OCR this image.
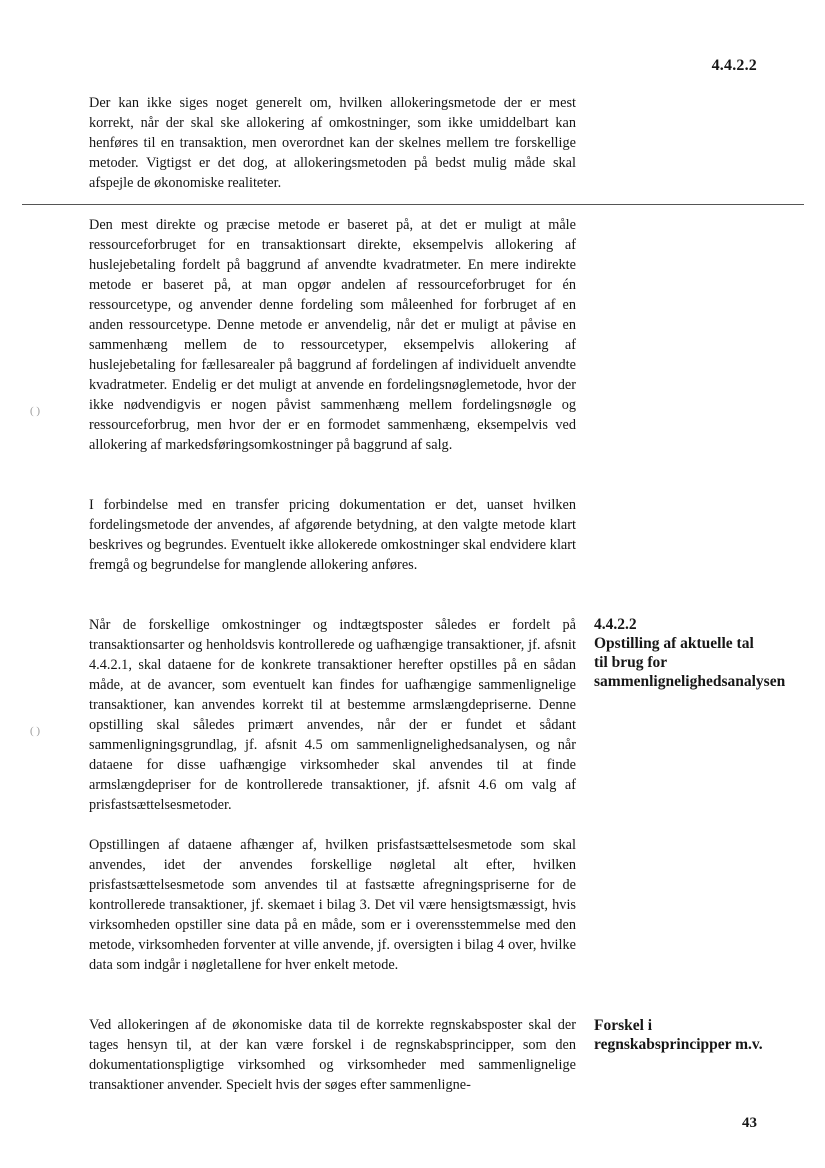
4.4.2.2

Der kan ikke siges noget generelt om, hvilken allokeringsmetode der er mest korrekt, når der skal ske allokering af omkostninger, som ikke umiddelbart kan henføres til en transaktion, men overordnet kan der skelnes mellem tre forskellige metoder. Vigtigst er det dog, at allokeringsmetoden på bedst mulig måde skal afspejle de økonomiske realiteter.

Den mest direkte og præcise metode er baseret på, at det er muligt at måle ressourceforbruget for en transaktionsart direkte, eksempelvis allokering af huslejebetaling fordelt på baggrund af anvendte kvadratmeter. En mere indirekte metode er baseret på, at man opgør andelen af ressourceforbruget for én ressourcetype, og anvender denne fordeling som måleenhed for forbruget af en anden ressourcetype. Denne metode er anvendelig, når det er muligt at påvise en sammenhæng mellem de to ressourcetyper, eksempelvis allokering af huslejebetaling for fællesarealer på baggrund af fordelingen af individuelt anvendte kvadratmeter. Endelig er det muligt at anvende en fordelingsnøglemetode, hvor der ikke nødvendigvis er nogen påvist sammenhæng mellem fordelingsnøgle og ressourceforbrug, men hvor der er en formodet sammenhæng, eksempelvis ved allokering af markedsføringsomkostninger på baggrund af salg.

I forbindelse med en transfer pricing dokumentation er det, uanset hvilken fordelingsmetode der anvendes, af afgørende betydning, at den valgte metode klart beskrives og begrundes. Eventuelt ikke allokerede omkostninger skal endvidere klart fremgå og begrundelse for manglende allokering anføres.

Når de forskellige omkostninger og indtægtsposter således er fordelt på transaktionsarter og henholdsvis kontrollerede og uafhængige transaktioner, jf. afsnit 4.4.2.1, skal dataene for de konkrete transaktioner herefter opstilles på en sådan måde, at de avancer, som eventuelt kan findes for uafhængige sammenlignelige transaktioner, kan anvendes korrekt til at bestemme armslængdepriserne. Denne opstilling skal således primært anvendes, når der er fundet et sådant sammenligningsgrundlag, jf. afsnit 4.5 om sammenlignelighedsanalysen, og når dataene for disse uafhængige virksomheder skal anvendes til at finde armslængdepriser for de kontrollerede transaktioner, jf. afsnit 4.6 om valg af prisfastsættelsesmetoder.

Opstillingen af dataene afhænger af, hvilken prisfastsættelsesmetode som skal anvendes, idet der anvendes forskellige nøgletal alt efter, hvilken prisfastsættelsesmetode som anvendes til at fastsætte afregningspriserne for de kontrollerede transaktioner, jf. skemaet i bilag 3. Det vil være hensigtsmæssigt, hvis virksomheden opstiller sine data på en måde, som er i overensstemmelse med den metode, virksomheden forventer at ville anvende, jf. oversigten i bilag 4 over, hvilke data som indgår i nøgletallene for hver enkelt metode.

Ved allokeringen af de økonomiske data til de korrekte regnskabsposter skal der tages hensyn til, at der kan være forskel i de regnskabsprincipper, som den dokumentationspligtige virksomhed og virksomheder med sammenlignelige transaktioner anvender. Specielt hvis der søges efter sammenligne-

4.4.2.2
Opstilling af aktuelle tal til brug for sammenlignelighedsanalysen
Forskel i regnskabsprincipper m.v.
43
( )
( )
